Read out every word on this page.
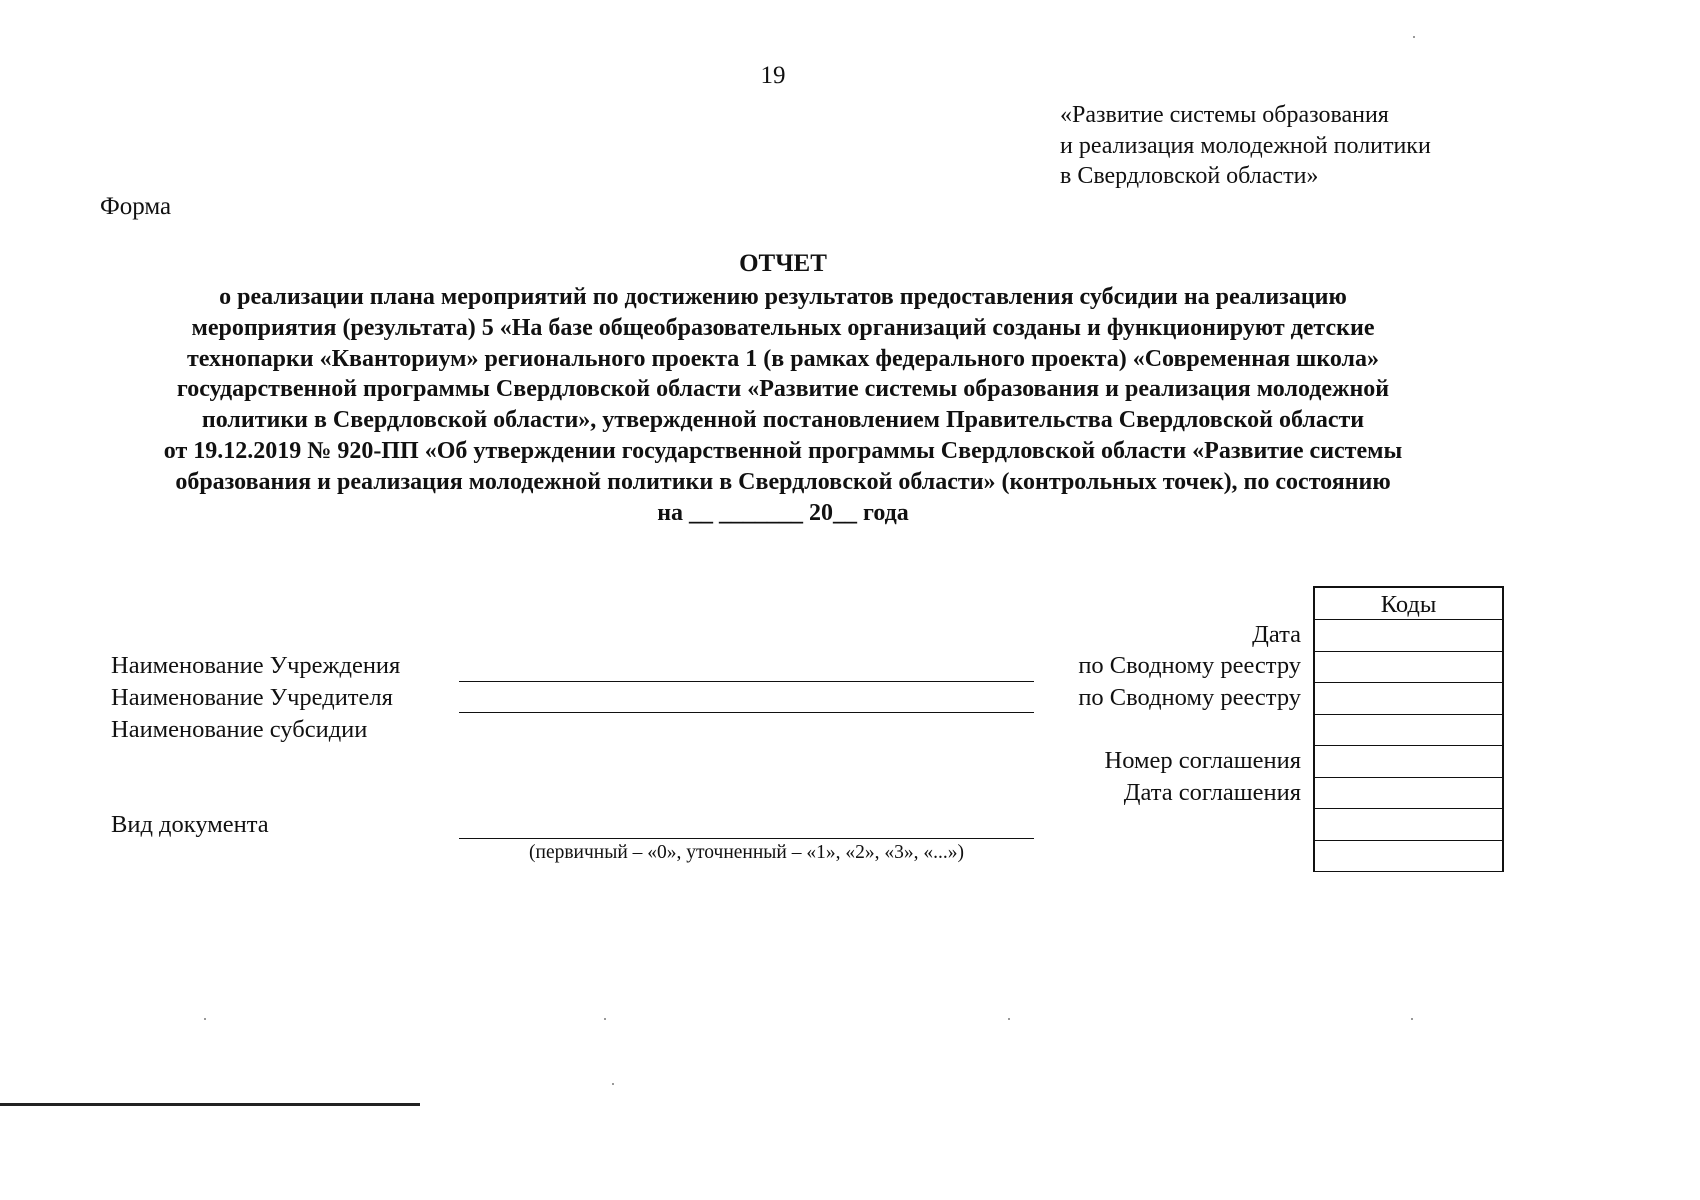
19
«Развитие системы образования
и реализация молодежной политики
в Свердловской области»
Форма
ОТЧЕТ
о реализации плана мероприятий по достижению результатов предоставления субсидии на реализацию
мероприятия (результата) 5 «На базе общеобразовательных организаций созданы и функционируют детские
технопарки «Кванториум» регионального проекта 1 (в рамках федерального проекта) «Современная школа»
государственной программы Свердловской области «Развитие системы образования и реализация молодежной
политики в Свердловской области», утвержденной постановлением Правительства Свердловской области
от 19.12.2019 № 920-ПП «Об утверждении государственной программы Свердловской области «Развитие системы
образования и реализация молодежной политики в Свердловской области» (контрольных точек), по состоянию
на __ _______ 20__ года
Наименование Учреждения
Наименование Учредителя
Наименование субсидии
Вид документа
(первичный – «0», уточненный – «1», «2», «3», «...»)
Дата
по Сводному реестру
по Сводному реестру
Номер соглашения
Дата соглашения
Коды
